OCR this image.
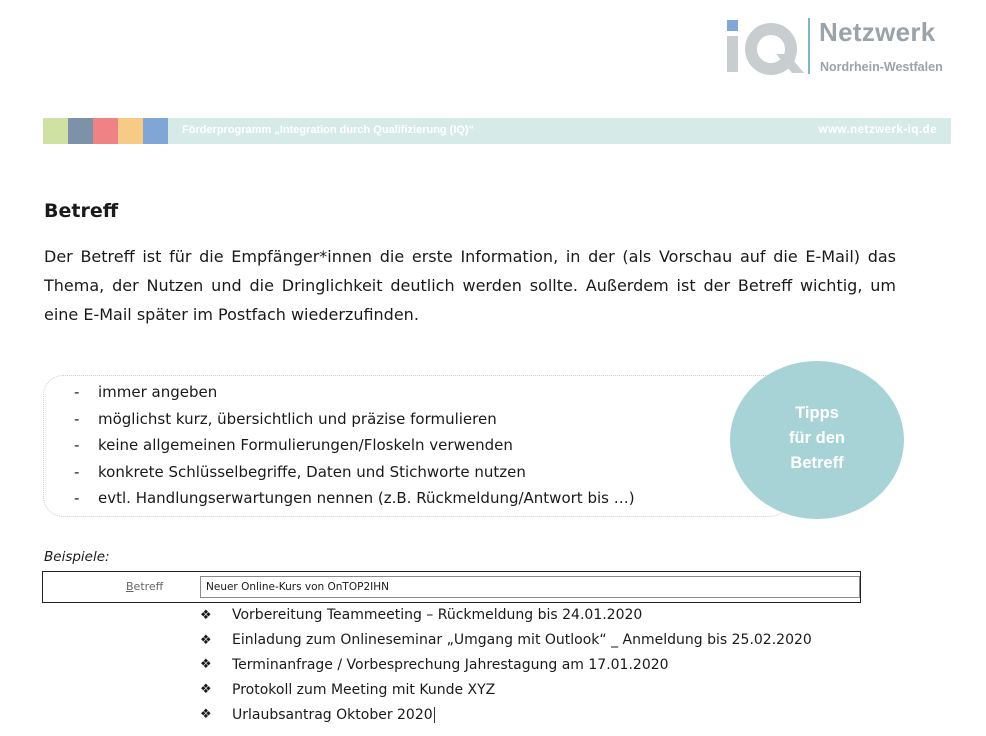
Netzwerk
Nordrhein-Westfalen
Förderprogramm „Integration durch Qualifizierung (IQ)“	www.netzwerk-iq.de
Betreff
Der Betreff ist für die Empfänger*innen die erste Information, in der (als Vorschau auf die E-Mail) das Thema, der Nutzen und die Dringlichkeit deutlich werden sollte. Außerdem ist der Betreff wichtig, um eine E-Mail später im Postfach wiederzufinden.
-	immer angeben
-	möglichst kurz, übersichtlich und präzise formulieren
-	keine allgemeinen Formulierungen/Floskeln verwenden
-	konkrete Schlüsselbegriffe, Daten und Stichworte nutzen
-	evtl. Handlungserwartungen nennen (z.B. Rückmeldung/Antwort bis …)
Tipps
für den
Betreff
Beispiele:
Betreff	Neuer Online-Kurs von OnTOP2IHN
❖	Vorbereitung Teammeeting – Rückmeldung bis 24.01.2020
❖	Einladung zum Onlineseminar „Umgang mit Outlook“ _ Anmeldung bis 25.02.2020
❖	Terminanfrage / Vorbesprechung Jahrestagung am 17.01.2020
❖	Protokoll zum Meeting mit Kunde XYZ
❖	Urlaubsantrag Oktober 2020
